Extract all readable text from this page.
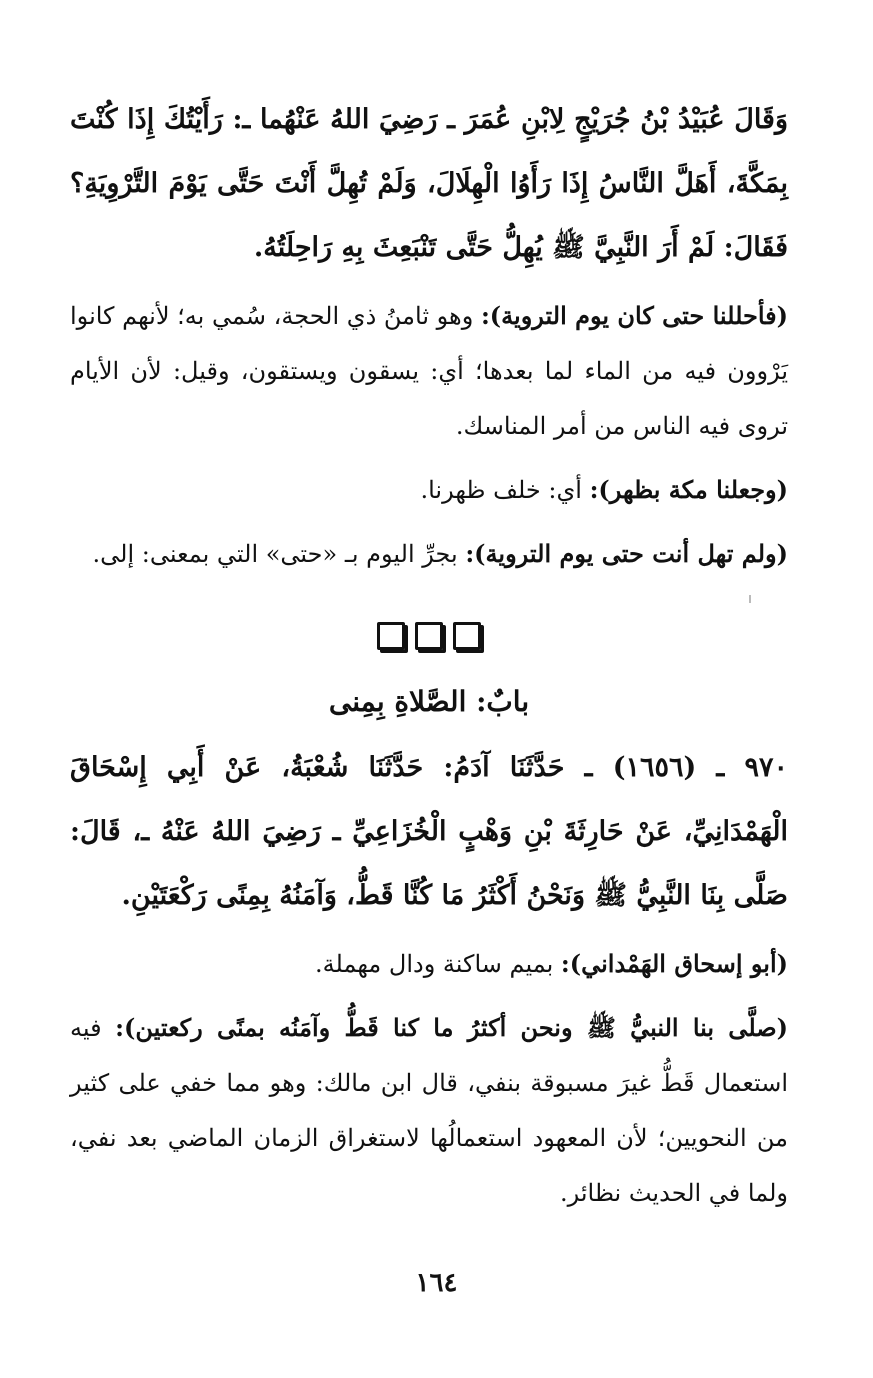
وَقَالَ عُبَيْدُ بْنُ جُرَيْجٍ لِابْنِ عُمَرَ ـ رَضِيَ اللهُ عَنْهُما ـ: رَأَيْتُكَ إِذَا كُنْتَ بِمَكَّةَ، أَهَلَّ النَّاسُ إِذَا رَأَوُا الْهِلَالَ، وَلَمْ تُهِلَّ أَنْتَ حَتَّى يَوْمَ التَّرْوِيَةِ؟ فَقَالَ: لَمْ أَرَ النَّبِيَّ ﷺ يُهِلُّ حَتَّى تَنْبَعِثَ بِهِ رَاحِلَتُهُ.

(فأحللنا حتى كان يوم التروية): وهو ثامنُ ذي الحجة، سُمي به؛ لأنهم كانوا يَرْوون فيه من الماء لما بعدها؛ أي: يسقون ويستقون، وقيل: لأن الأيام تروى فيه الناس من أمر المناسك.

(وجعلنا مكة بظهر): أي: خلف ظهرنا.

(ولم تهل أنت حتى يوم التروية): بجرِّ اليوم بـ «حتى» التي بمعنى: إلى.

بابٌ: الصَّلاةِ بِمِنى

٩٧٠ ـ (١٦٥٦) ـ حَدَّثَنَا آدَمُ: حَدَّثَنَا شُعْبَةُ، عَنْ أَبِي إِسْحَاقَ الْهَمْدَانِيِّ، عَنْ حَارِثَةَ بْنِ وَهْبٍ الْخُزَاعِيِّ ـ رَضِيَ اللهُ عَنْهُ ـ، قَالَ: صَلَّى بِنَا النَّبِيُّ ﷺ وَنَحْنُ أَكْثَرُ مَا كُنَّا قَطُّ، وَآمَنُهُ بِمِنًى رَكْعَتَيْنِ.

(أبو إسحاق الهَمْداني): بميم ساكنة ودال مهملة.

(صلَّى بنا النبيُّ ﷺ ونحن أكثرُ ما كنا قَطُّ وآمَنُه بمنًى ركعتين): فيه استعمال قَطُّ غيرَ مسبوقة بنفي، قال ابن مالك: وهو مما خفي على كثير من النحويين؛ لأن المعهود استعمالُها لاستغراق الزمان الماضي بعد نفي، ولما في الحديث نظائر.

١٦٤
